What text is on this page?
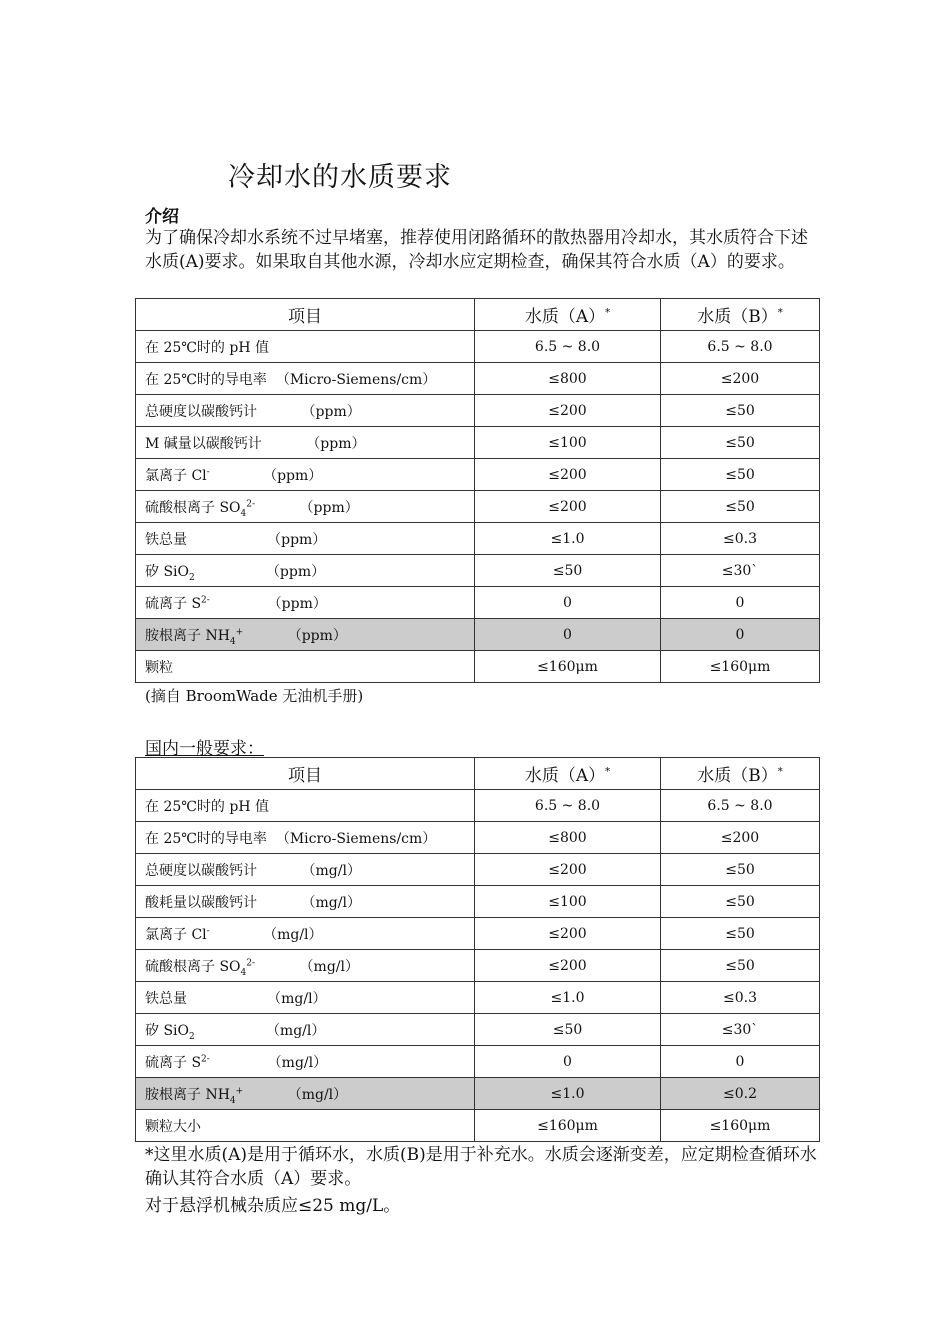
冷却水的水质要求
介绍
为了确保冷却水系统不过早堵塞，推荐使用闭路循环的散热器用冷却水，其水质符合下述水质(A)要求。如果取自其他水源，冷却水应定期检查，确保其符合水质（A）的要求。
项目	水质（A）*	水质（B）*
在 25℃时的 pH 值	6.5 ~ 8.0	6.5 ~ 8.0
在 25℃时的导电率  （Micro-Siemens/cm）	≤800	≤200
总硬度以碳酸钙计          （ppm）	≤200	≤50
M 碱量以碳酸钙计          （ppm）	≤100	≤50
氯离子 Cl-            （ppm）	≤200	≤50
硫酸根离子 $SO_4^{2-}$          （ppm）	≤200	≤50
铁总量                  （ppm）	≤1.0	≤0.3
矽 SiO$_2$                （ppm）	≤50	≤30`
硫离子 $S^{2-}$             （ppm）	0	0
胺根离子 $NH_4^+$          （ppm）	0	0
颗粒	≤160μm	≤160μm
(摘自 BroomWade 无油机手册)
国内一般要求：
项目	水质（A）*	水质（B）*
在 25℃时的 pH 值	6.5 ~ 8.0	6.5 ~ 8.0
在 25℃时的导电率  （Micro-Siemens/cm）	≤800	≤200
总硬度以碳酸钙计          （mg/l）	≤200	≤50
酸耗量以碳酸钙计          （mg/l）	≤100	≤50
氯离子 Cl-            （mg/l）	≤200	≤50
硫酸根离子 $SO_4^{2-}$          （mg/l）	≤200	≤50
铁总量                  （mg/l）	≤1.0	≤0.3
矽 SiO$_2$                （mg/l）	≤50	≤30`
硫离子 $S^{2-}$             （mg/l）	0	0
胺根离子 $NH_4^+$          （mg/l）	≤1.0	≤0.2
颗粒大小	≤160μm	≤160μm
*这里水质(A)是用于循环水，水质(B)是用于补充水。水质会逐渐变差，应定期检查循环水确认其符合水质（A）要求。
对于悬浮机械杂质应≤25 mg/L。
